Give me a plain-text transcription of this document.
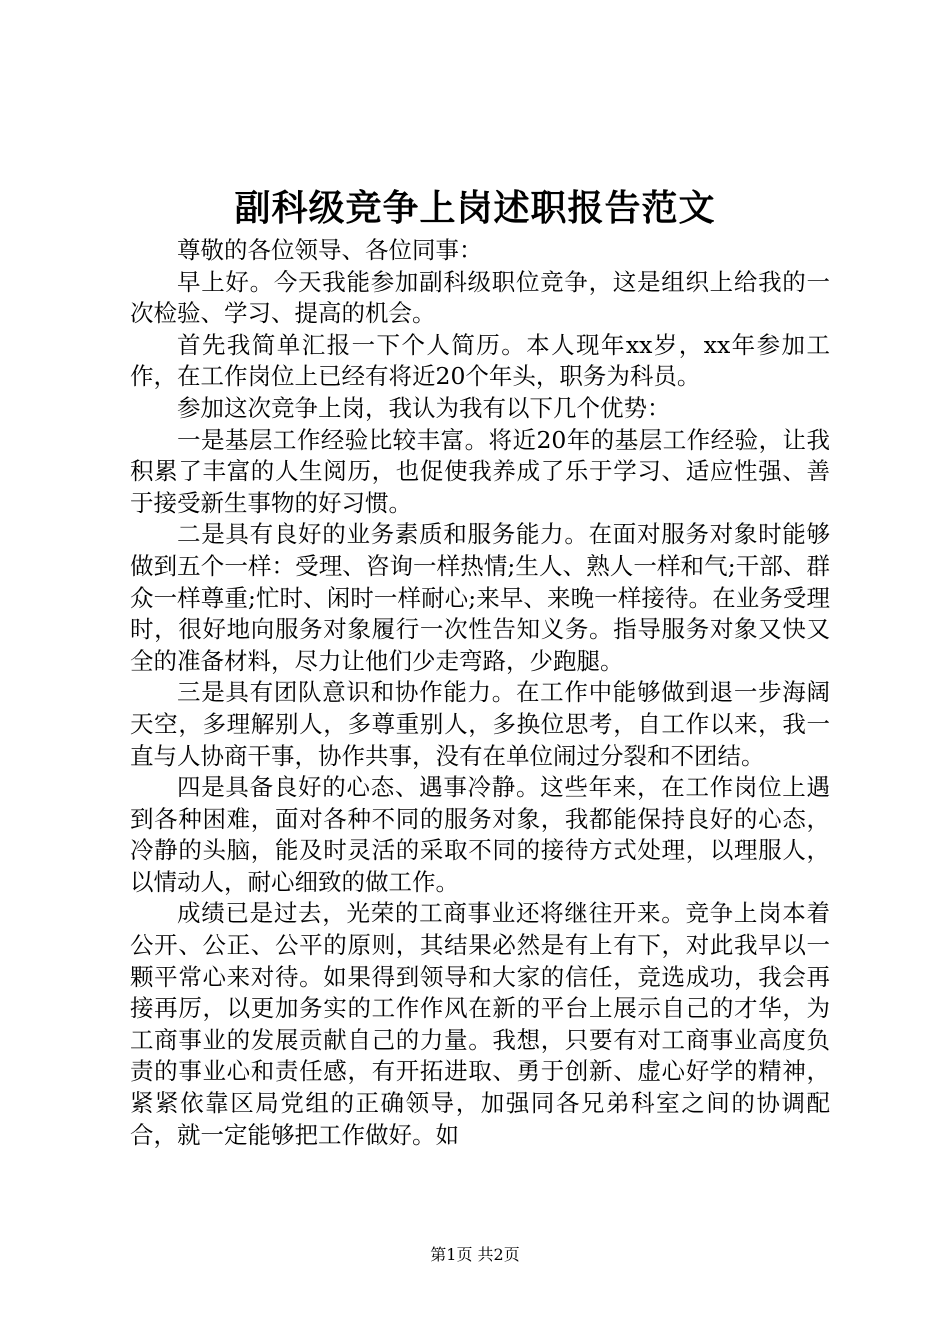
副科级竞争上岗述职报告范文

尊敬的各位领导、各位同事：

早上好。今天我能参加副科级职位竞争，这是组织上给我的一次检验、学习、提高的机会。

首先我简单汇报一下个人简历。本人现年xx岁，xx年参加工作，在工作岗位上已经有将近20个年头，职务为科员。

参加这次竞争上岗，我认为我有以下几个优势：

一是基层工作经验比较丰富。将近20年的基层工作经验，让我积累了丰富的人生阅历，也促使我养成了乐于学习、适应性强、善于接受新生事物的好习惯。

二是具有良好的业务素质和服务能力。在面对服务对象时能够做到五个一样：受理、咨询一样热情;生人、熟人一样和气;干部、群众一样尊重;忙时、闲时一样耐心;来早、来晚一样接待。在业务受理时，很好地向服务对象履行一次性告知义务。指导服务对象又快又全的准备材料，尽力让他们少走弯路，少跑腿。

三是具有团队意识和协作能力。在工作中能够做到退一步海阔天空，多理解别人，多尊重别人，多换位思考，自工作以来，我一直与人协商干事，协作共事，没有在单位闹过分裂和不团结。

四是具备良好的心态、遇事冷静。这些年来，在工作岗位上遇到各种困难，面对各种不同的服务对象，我都能保持良好的心态，冷静的头脑，能及时灵活的采取不同的接待方式处理，以理服人，以情动人，耐心细致的做工作。

成绩已是过去，光荣的工商事业还将继往开来。竞争上岗本着公开、公正、公平的原则，其结果必然是有上有下，对此我早以一颗平常心来对待。如果得到领导和大家的信任，竞选成功，我会再接再厉，以更加务实的工作作风在新的平台上展示自己的才华，为工商事业的发展贡献自己的力量。我想，只要有对工商事业高度负责的事业心和责任感，有开拓进取、勇于创新、虚心好学的精神，紧紧依靠区局党组的正确领导，加强同各兄弟科室之间的协调配合，就一定能够把工作做好。如

第1页 共2页
